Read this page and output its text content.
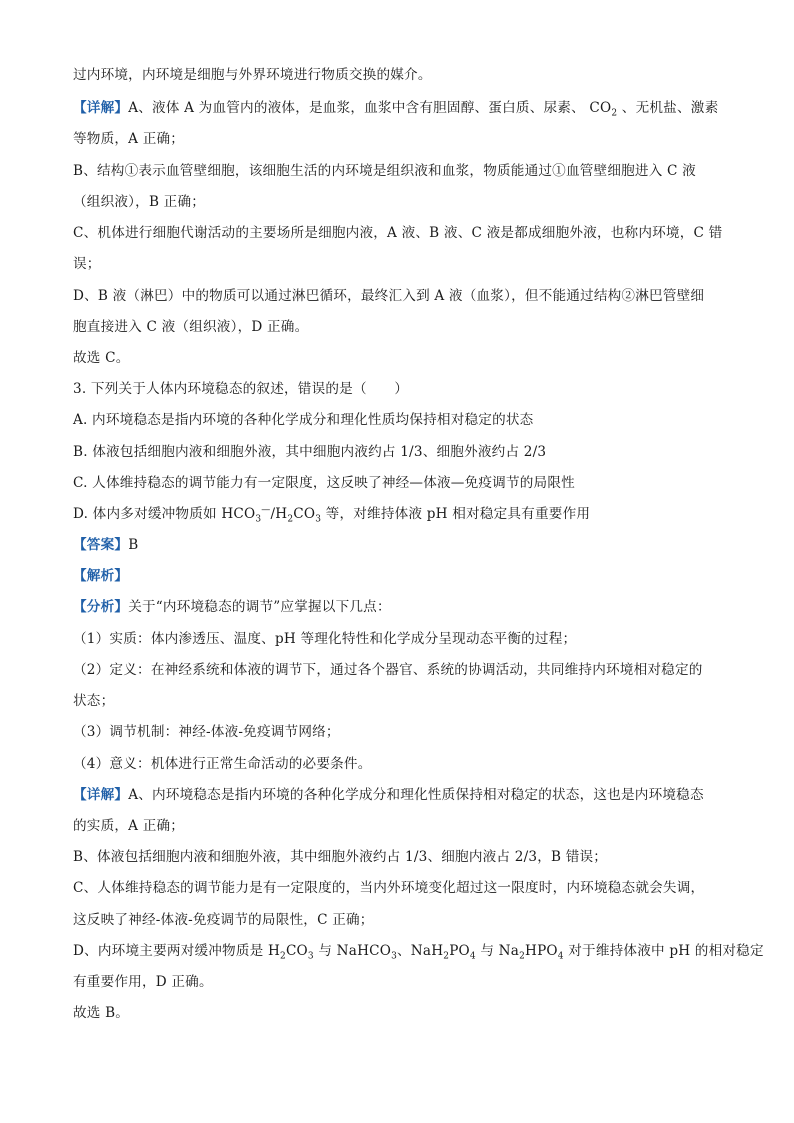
过内环境，内环境是细胞与外界环境进行物质交换的媒介。
【详解】A、液体 A 为血管内的液体，是血浆，血浆中含有胆固醇、蛋白质、尿素、 $CO_2$ 、无机盐、激素
等物质，A 正确；
B、结构①表示血管壁细胞，该细胞生活的内环境是组织液和血浆，物质能通过①血管壁细胞进入 C 液
（组织液），B 正确；
C、机体进行细胞代谢活动的主要场所是细胞内液，A 液、B 液、C 液是都成细胞外液，也称内环境，C 错
误；
D、B 液（淋巴）中的物质可以通过淋巴循环，最终汇入到 A 液（血浆），但不能通过结构②淋巴管壁细
胞直接进入 C 液（组织液），D 正确。
故选 C。
3. 下列关于人体内环境稳态的叙述，错误的是（　　）
A. 内环境稳态是指内环境的各种化学成分和理化性质均保持相对稳定的状态
B. 体液包括细胞内液和细胞外液，其中细胞内液约占 1/3、细胞外液约占 2/3
C. 人体维持稳态的调节能力有一定限度，这反映了神经—体液—免疫调节的局限性
D. 体内多对缓冲物质如 $HCO_3^—/H_2CO_3$ 等，对维持体液 pH 相对稳定具有重要作用
【答案】B
【解析】
【分析】关于“内环境稳态的调节”应掌握以下几点：
（1）实质：体内渗透压、温度、pH 等理化特性和化学成分呈现动态平衡的过程；
（2）定义：在神经系统和体液的调节下，通过各个器官、系统的协调活动，共同维持内环境相对稳定的
状态；
（3）调节机制：神经-体液-免疫调节网络；
（4）意义：机体进行正常生命活动的必要条件。
【详解】A、内环境稳态是指内环境的各种化学成分和理化性质保持相对稳定的状态，这也是内环境稳态
的实质，A 正确；
B、体液包括细胞内液和细胞外液，其中细胞外液约占 1/3、细胞内液占 2/3，B 错误；
C、人体维持稳态的调节能力是有一定限度的，当内外环境变化超过这一限度时，内环境稳态就会失调，
这反映了神经-体液-免疫调节的局限性，C 正确；
D、内环境主要两对缓冲物质是 $H_2CO_3$ 与 NaHCO$_3$、$NaH_2PO_4$ 与 $Na_2HPO_4$ 对于维持体液中 pH 的相对稳定
有重要作用，D 正确。
故选 B。
